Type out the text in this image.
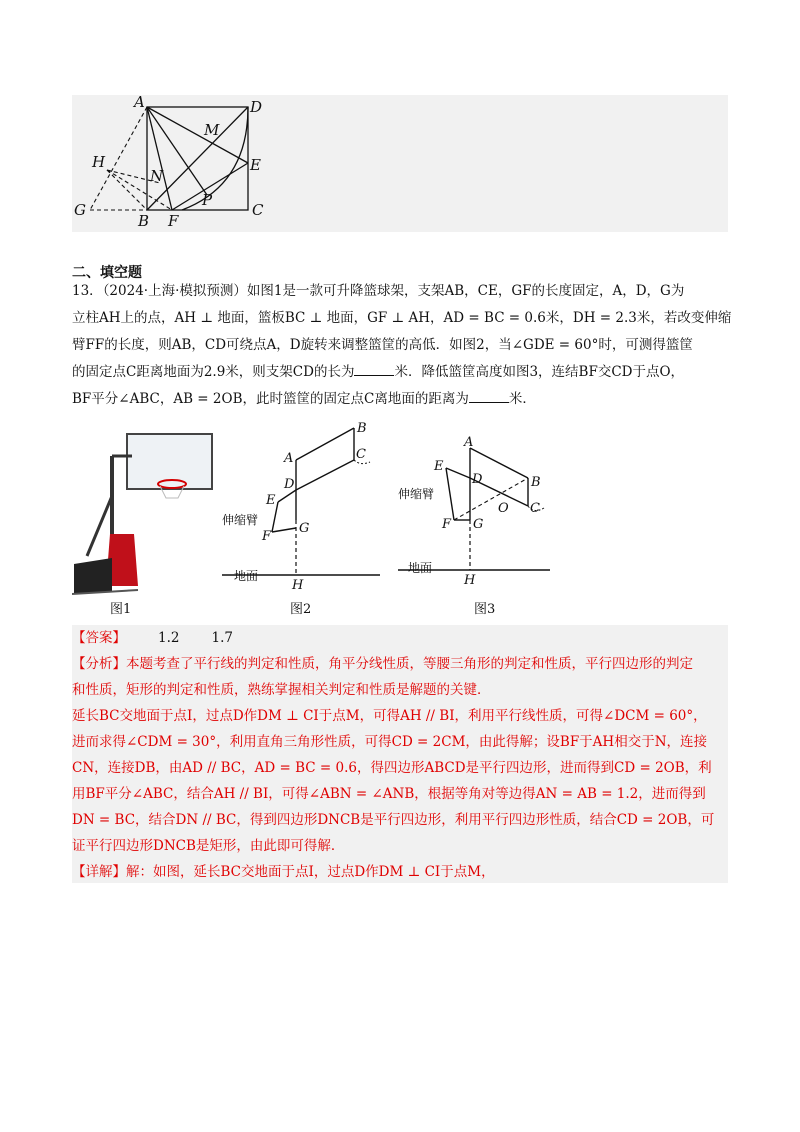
A	D
M
H
N
E
P
G
B F
C
二、填空题

13．（2024·上海·模拟预测）如图1是一款可升降篮球架，支架AB，CE，GF的长度固定，A，D，G为

立柱AH上的点，AH ⊥ 地面，篮板BC ⊥ 地面，GF ⊥ AH，AD = BC = 0.6米，DH = 2.3米，若改变伸缩

臂FF的长度，则AB，CD可绕点A，D旋转来调整篮筐的高低．如图2，当∠GDE = 60°时，可测得篮筐

的固定点C距离地面为2.9米，则支架CD的长为	米．降低篮筐高度如图3，连结BF交CD于点O，

BF平分∠ABC，AB = 2OB，此时篮筐的固定点C离地面的距离为	米．

图1
A
B
C
D
E
F
G
H
伸缩臂
地面
图2
A
B
C
D
E
F G
H
O
伸缩臂
地面
图3

【答案】 1.2 1.7

【分析】本题考查了平行线的判定和性质，角平分线性质，等腰三角形的判定和性质，平行四边形的判定

和性质，矩形的判定和性质，熟练掌握相关判定和性质是解题的关键．

延长BC交地面于点I，过点D作DM ⊥ CI于点M，可得AH // BI，利用平行线性质，可得∠DCM = 60°，

进而求得∠CDM = 30°，利用直角三角形性质，可得CD = 2CM，由此得解；设BF于AH相交于N，连接

CN，连接DB，由AD // BC，AD = BC = 0.6，得四边形ABCD是平行四边形，进而得到CD = 2OB，利

用BF平分∠ABC，结合AH // BI，可得∠ABN = ∠ANB，根据等角对等边得AN = AB = 1.2，进而得到

DN = BC，结合DN // BC，得到四边形DNCB是平行四边形，利用平行四边形性质，结合CD = 2OB，可

证平行四边形DNCB是矩形，由此即可得解．

【详解】解：如图，延长BC交地面于点I，过点D作DM ⊥ CI于点M，
